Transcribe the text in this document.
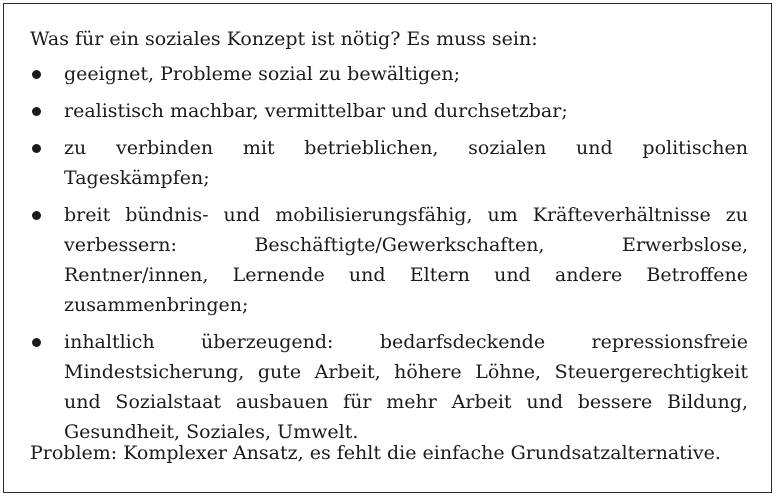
Was für ein soziales Konzept ist nötig? Es muss sein:

geeignet, Probleme sozial zu bewältigen;
realistisch machbar, vermittelbar und durchsetzbar;
zu verbinden mit betrieblichen, sozialen und politischen Tageskämpfen;
breit bündnis- und mobilisierungsfähig, um Kräfteverhältnisse zu verbessern: Beschäftigte/Gewerkschaften, Erwerbslose, Rentner/innen, Lernende und Eltern und andere Betroffene zusammenbringen;
inhaltlich überzeugend: bedarfsdeckende repressionsfreie Mindestsicherung, gute Arbeit, höhere Löhne, Steuergerechtigkeit und Sozialstaat ausbauen für mehr Arbeit und bessere Bildung, Gesundheit, Soziales, Umwelt.

Problem: Komplexer Ansatz, es fehlt die einfache Grundsatzalternative.
